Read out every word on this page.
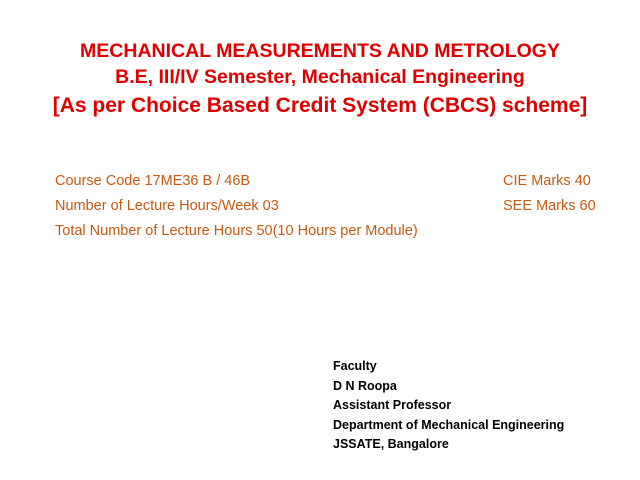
MECHANICAL MEASUREMENTS AND METROLOGY
B.E, III/IV Semester, Mechanical Engineering
[As per Choice Based Credit System (CBCS) scheme]
Course Code 17ME36 B / 46B	CIE Marks 40
Number of Lecture Hours/Week 03	SEE Marks 60
Total Number of Lecture Hours 50(10 Hours per Module)
Faculty
D N Roopa
Assistant Professor
Department of Mechanical Engineering
JSSATE, Bangalore
